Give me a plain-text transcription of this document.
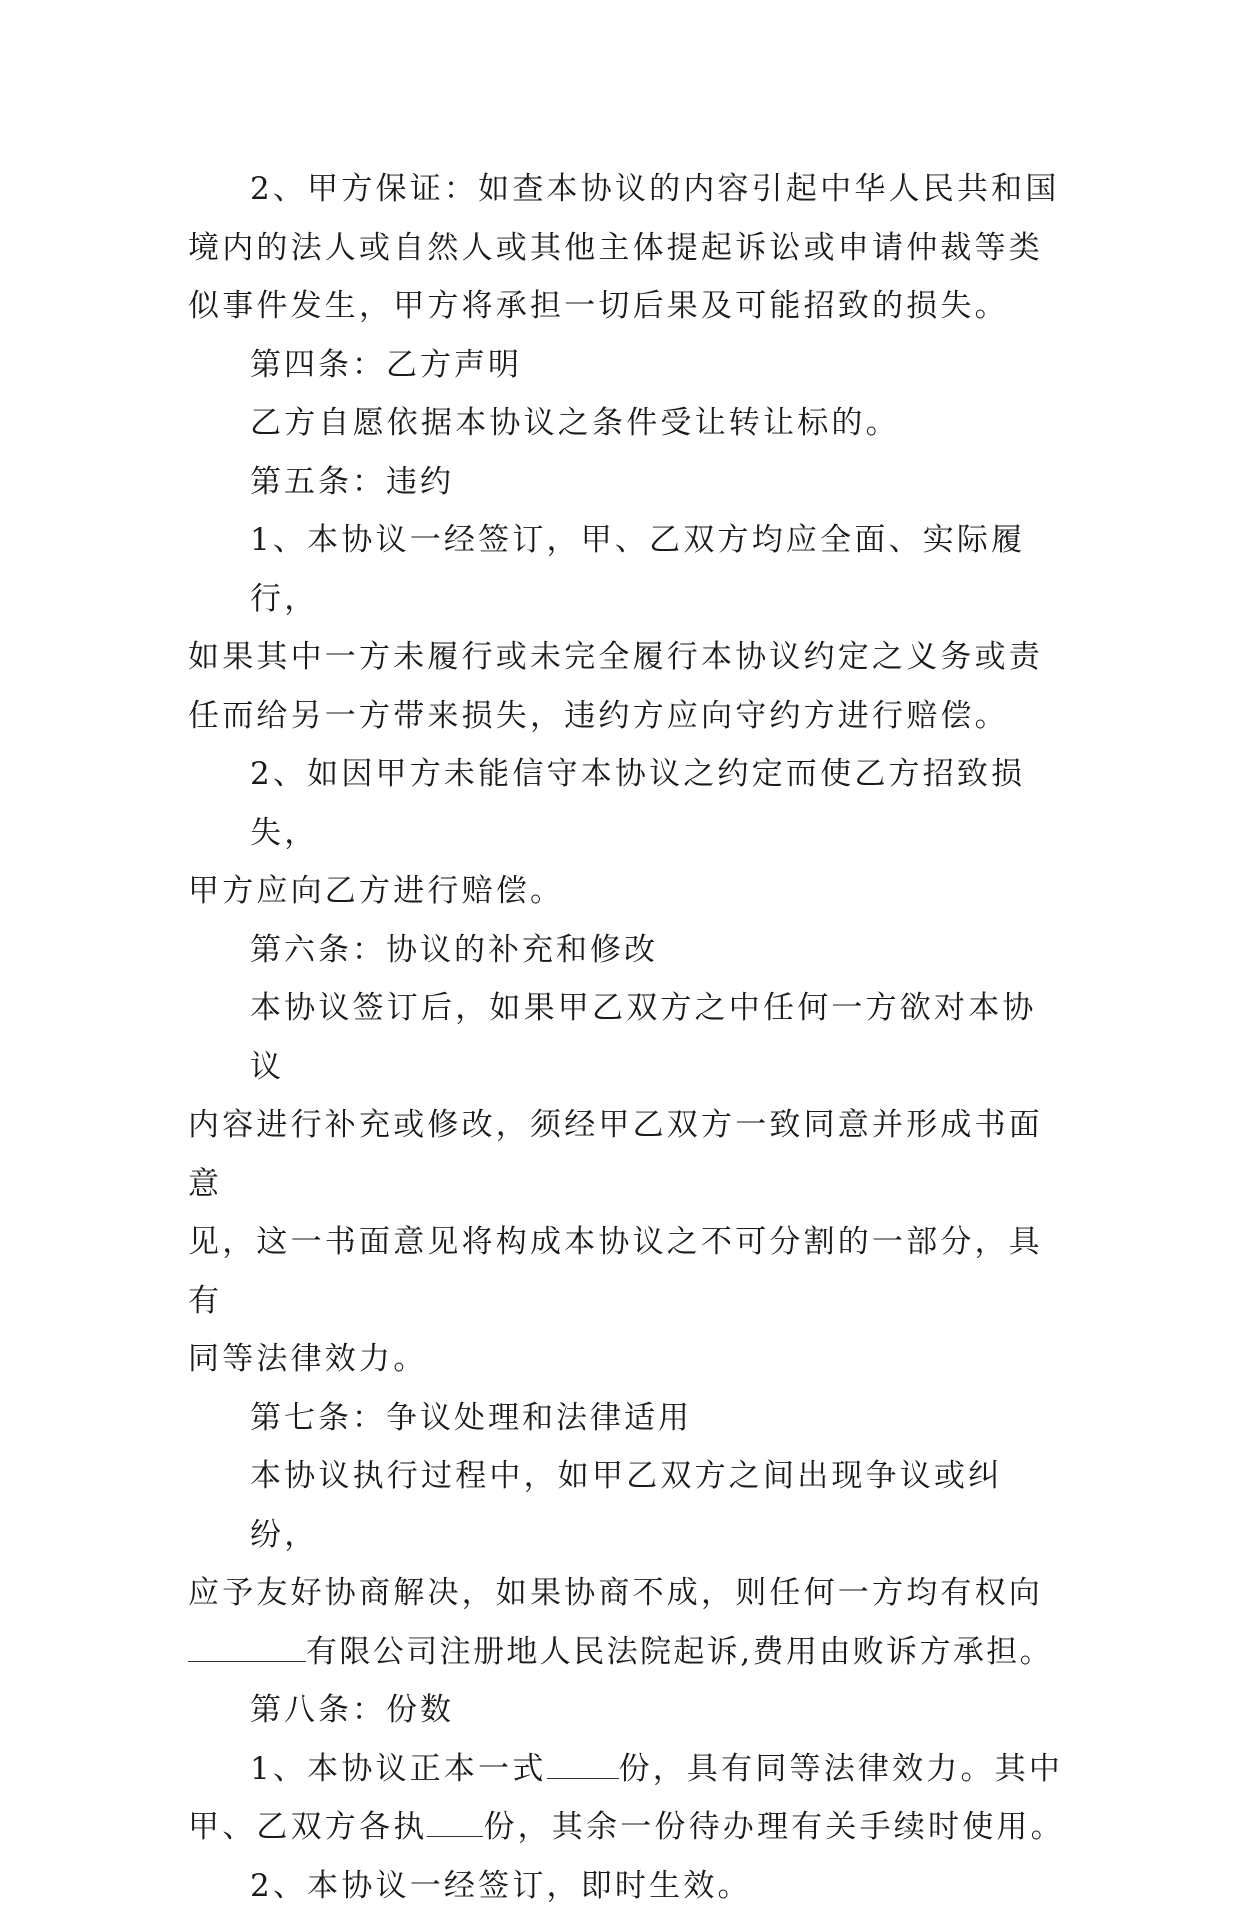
2、甲方保证：如查本协议的内容引起中华人民共和国
境内的法人或自然人或其他主体提起诉讼或申请仲裁等类
似事件发生，甲方将承担一切后果及可能招致的损失。
第四条：乙方声明
乙方自愿依据本协议之条件受让转让标的。
第五条：违约
1、本协议一经签订，甲、乙双方均应全面、实际履行，
如果其中一方未履行或未完全履行本协议约定之义务或责
任而给另一方带来损失，违约方应向守约方进行赔偿。
2、如因甲方未能信守本协议之约定而使乙方招致损失，
甲方应向乙方进行赔偿。
第六条：协议的补充和修改
本协议签订后，如果甲乙双方之中任何一方欲对本协议
内容进行补充或修改，须经甲乙双方一致同意并形成书面意
见，这一书面意见将构成本协议之不可分割的一部分，具有
同等法律效力。
第七条：争议处理和法律适用
本协议执行过程中，如甲乙双方之间出现争议或纠纷，
应予友好协商解决，如果协商不成，则任何一方均有权向
有限公司注册地人民法院起诉,费用由败诉方承担。
第八条：份数
1、本协议正本一式 份，具有同等法律效力。其中
甲、乙双方各执 份，其余一份待办理有关手续时使用。
2、本协议一经签订，即时生效。
